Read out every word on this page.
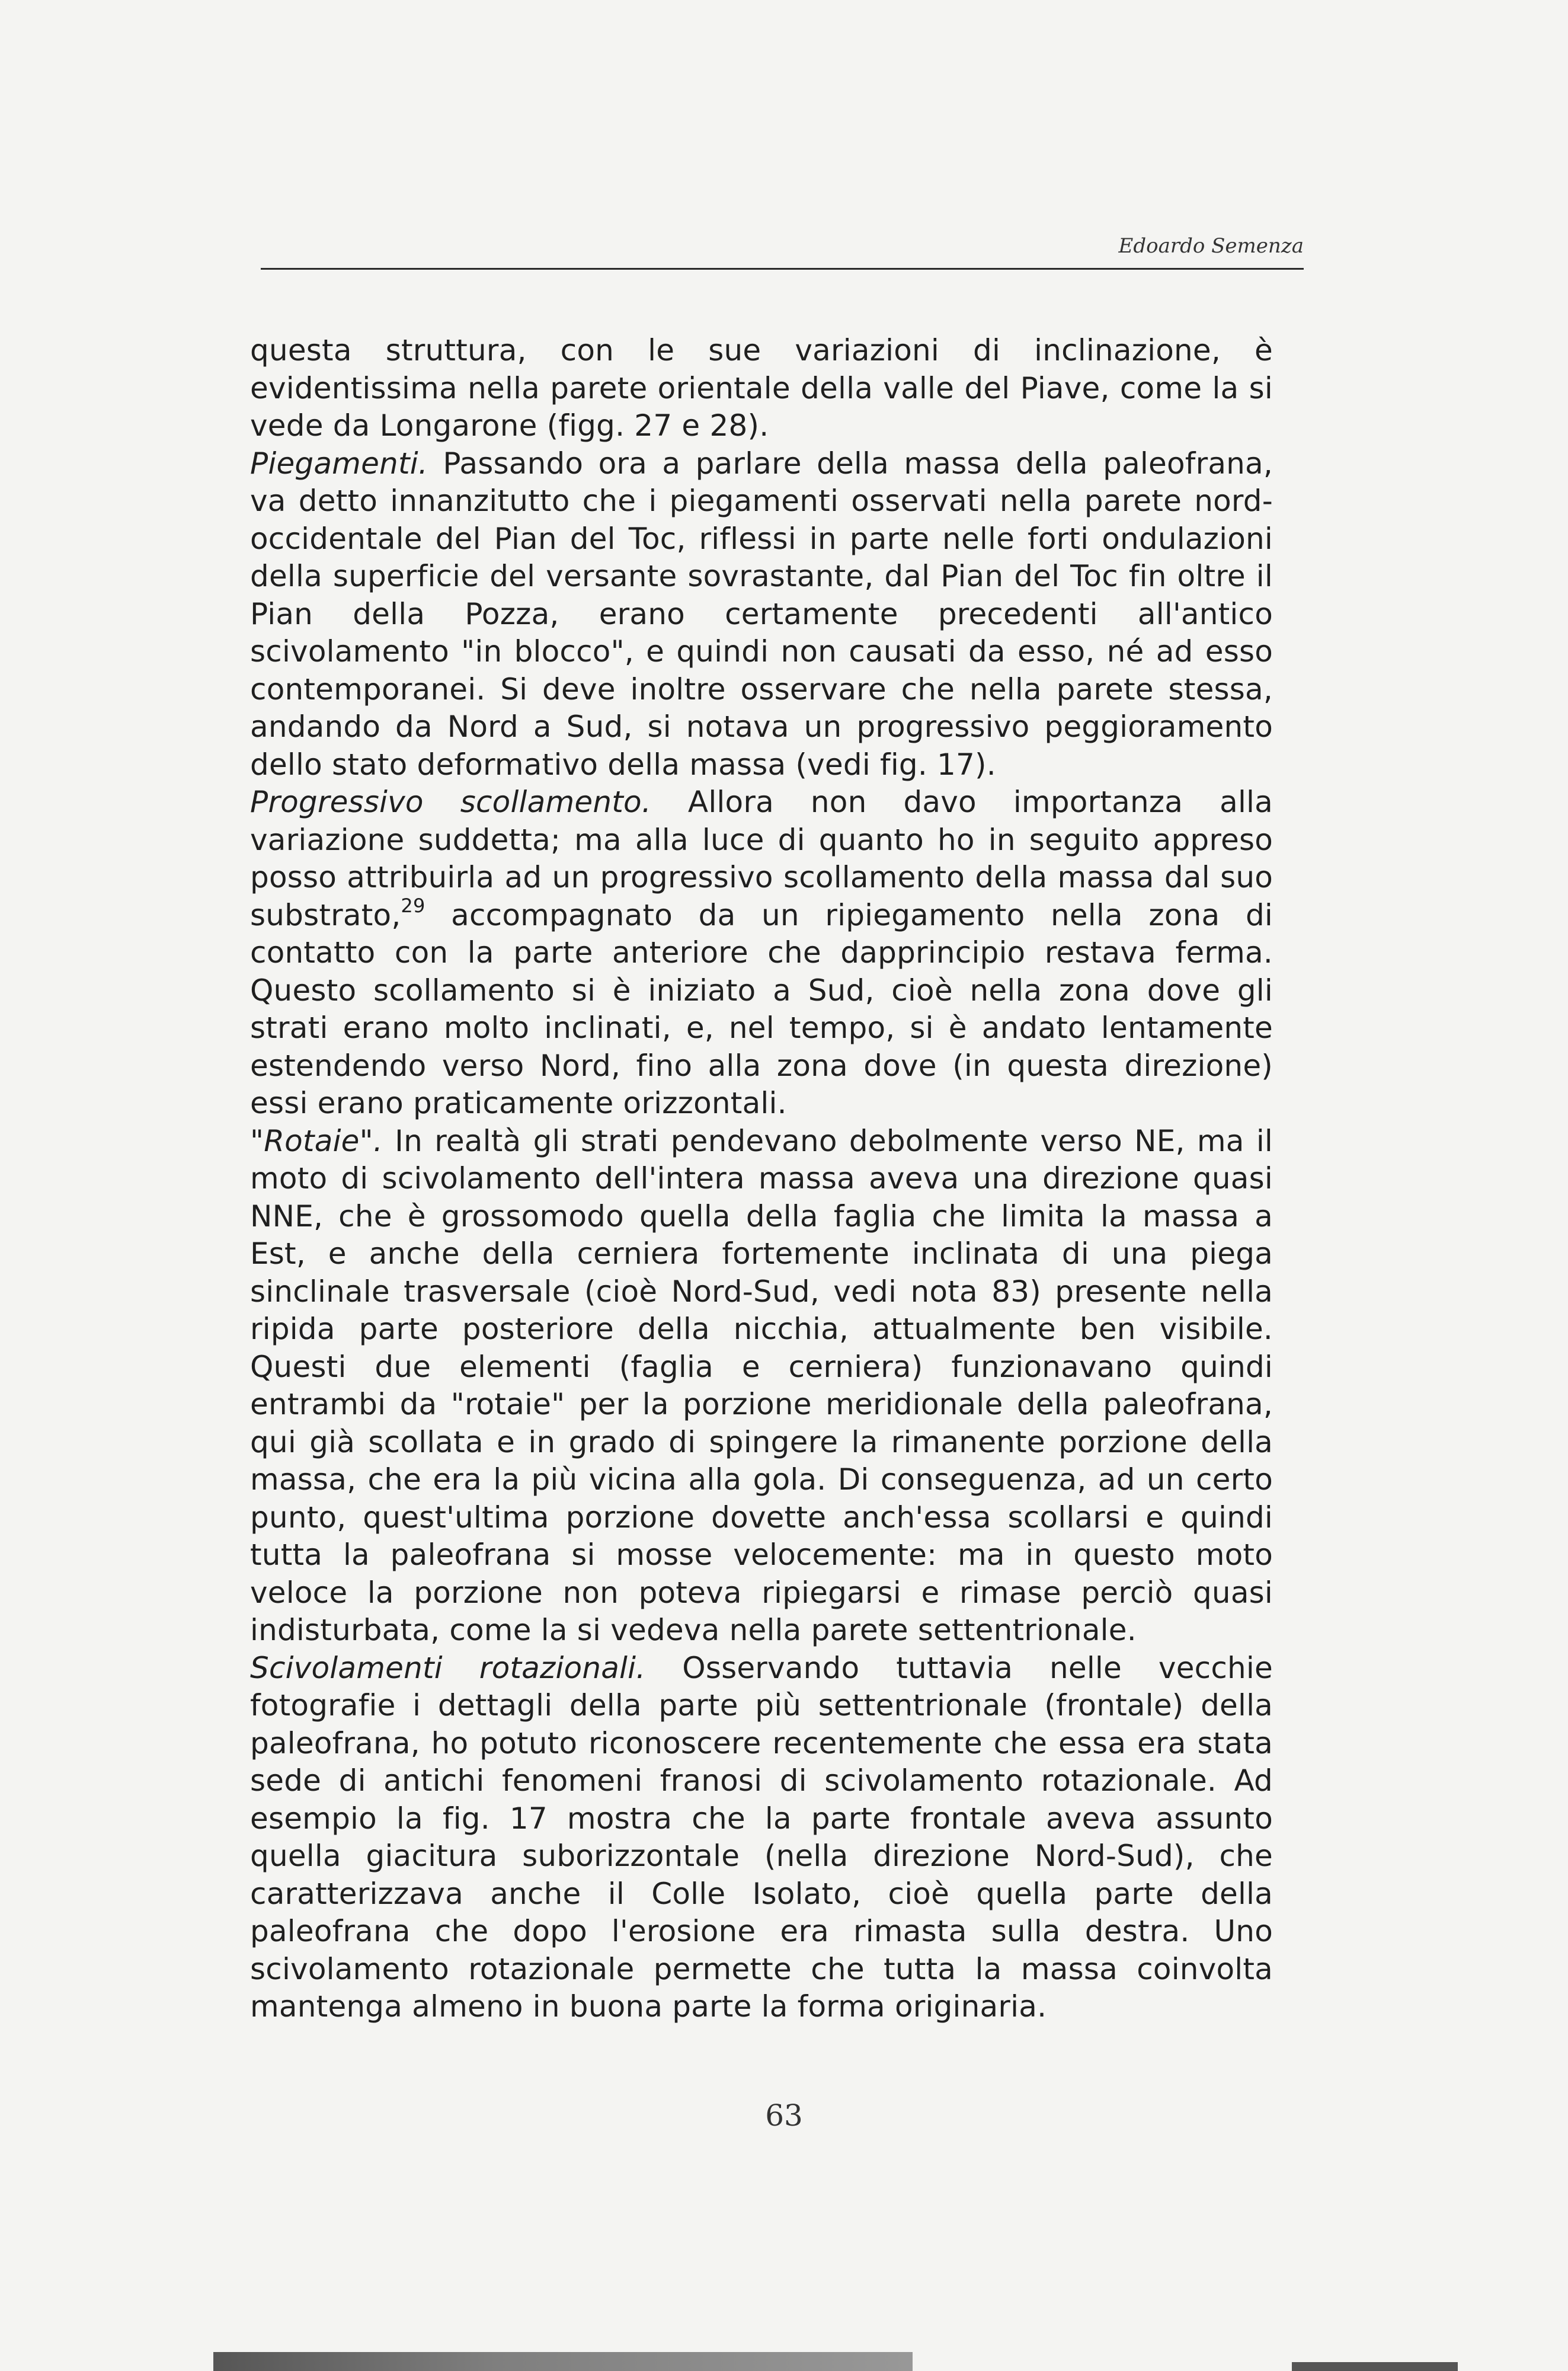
Edoardo Semenza

questa struttura, con le sue variazioni di inclinazione, è evidentissima nella parete orientale della valle del Piave, come la si vede da Longarone (figg. 27 e 28).

Piegamenti. Passando ora a parlare della massa della paleofrana, va detto innanzitutto che i piegamenti osservati nella parete nord-occidentale del Pian del Toc, riflessi in parte nelle forti ondulazioni della superficie del versante sovrastante, dal Pian del Toc fin oltre il Pian della Pozza, erano certamente precedenti all'antico scivolamento "in blocco", e quindi non causati da esso, né ad esso contemporanei. Si deve inoltre osservare che nella parete stessa, andando da Nord a Sud, si notava un progressivo peggioramento dello stato deformativo della massa (vedi fig. 17).

Progressivo scollamento. Allora non davo importanza alla variazione suddetta; ma alla luce di quanto ho in seguito appreso posso attribuirla ad un progressivo scollamento della massa dal suo substrato,$^{29}$ accompagnato da un ripiegamento nella zona di contatto con la parte anteriore che dapprincipio restava ferma. Questo scollamento si è iniziato a Sud, cioè nella zona dove gli strati erano molto inclinati, e, nel tempo, si è andato lentamente estendendo verso Nord, fino alla zona dove (in questa direzione) essi erano praticamente orizzontali.

"Rotaie". In realtà gli strati pendevano debolmente verso NE, ma il moto di scivolamento dell'intera massa aveva una direzione quasi NNE, che è grossomodo quella della faglia che limita la massa a Est, e anche della cerniera fortemente inclinata di una piega sinclinale trasversale (cioè Nord-Sud, vedi nota 83) presente nella ripida parte posteriore della nicchia, attualmente ben visibile. Questi due elementi (faglia e cerniera) funzionavano quindi entrambi da "rotaie" per la porzione meridionale della paleofrana, qui già scollata e in grado di spingere la rimanente porzione della massa, che era la più vicina alla gola. Di conseguenza, ad un certo punto, quest'ultima porzione dovette anch'essa scollarsi e quindi tutta la paleofrana si mosse velocemente: ma in questo moto veloce la porzione non poteva ripiegarsi e rimase perciò quasi indisturbata, come la si vedeva nella parete settentrionale.

Scivolamenti rotazionali. Osservando tuttavia nelle vecchie fotografie i dettagli della parte più settentrionale (frontale) della paleofrana, ho potuto riconoscere recentemente che essa era stata sede di antichi fenomeni franosi di scivolamento rotazionale. Ad esempio la fig. 17 mostra che la parte frontale aveva assunto quella giacitura suborizzontale (nella direzione Nord-Sud), che caratterizzava anche il Colle Isolato, cioè quella parte della paleofrana che dopo l'erosione era rimasta sulla destra. Uno scivolamento rotazionale permette che tutta la massa coinvolta mantenga almeno in buona parte la forma originaria.

63
